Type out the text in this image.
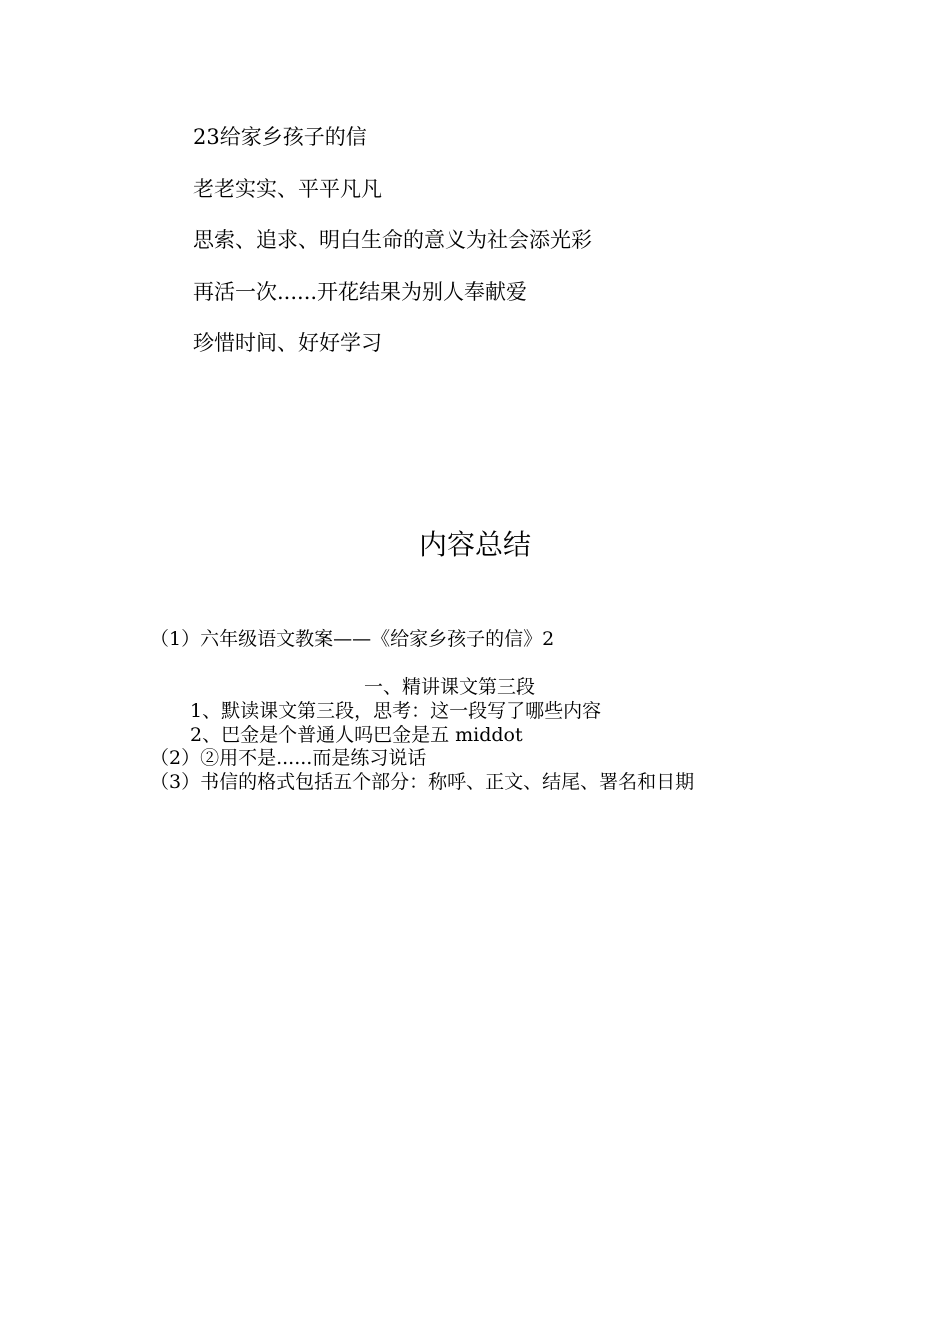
23给家乡孩子的信
老老实实、平平凡凡
思索、追求、明白生命的意义为社会添光彩
再活一次......开花结果为别人奉献爱
珍惜时间、好好学习
内容总结
（1）六年级语文教案——《给家乡孩子的信》2
一、精讲课文第三段
1、默读课文第三段，思考：这一段写了哪些内容
2、巴金是个普通人吗巴金是五 middot
（2）②用不是......而是练习说话
（3）书信的格式包括五个部分：称呼、正文、结尾、署名和日期
